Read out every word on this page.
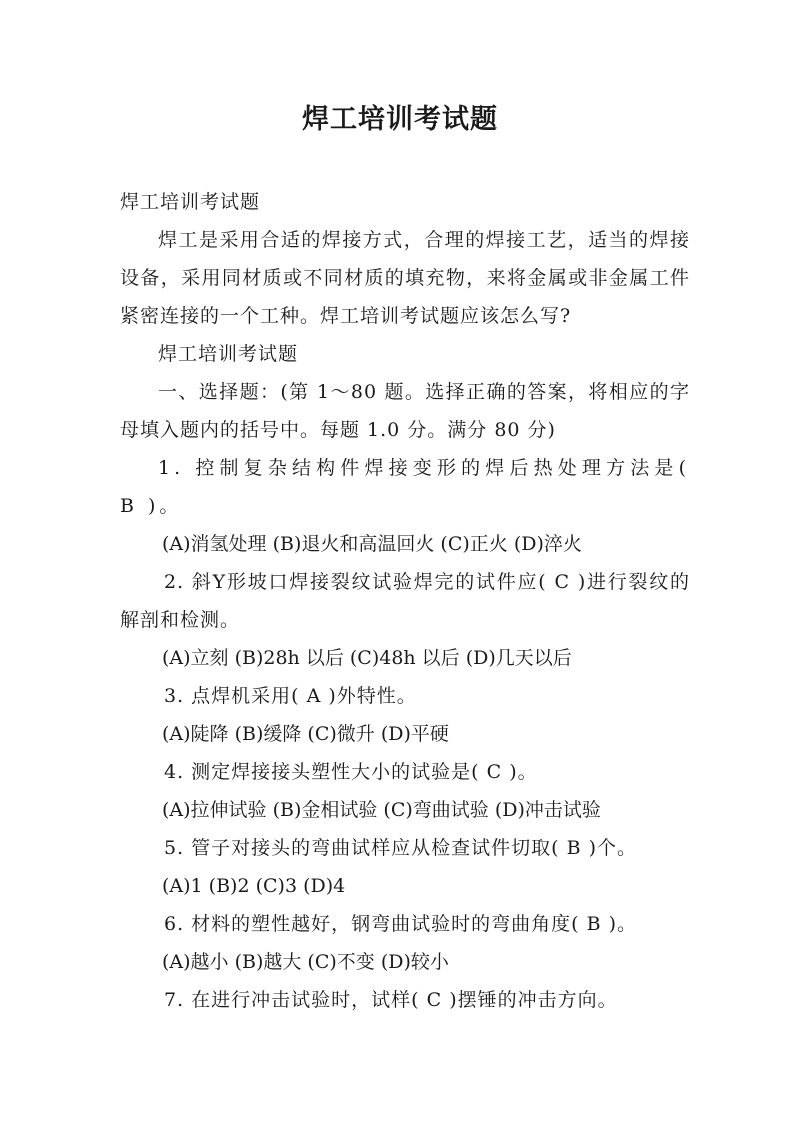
焊工培训考试题

焊工培训考试题

焊工是采用合适的焊接方式，合理的焊接工艺，适当的焊接设备，采用同材质或不同材质的填充物，来将金属或非金属工件紧密连接的一个工种。焊工培训考试题应该怎么写?

焊工培训考试题

一、选择题：(第 1～80 题。选择正确的答案，将相应的字母填入题内的括号中。每题 1.0 分。满分 80 分)

1. 控制复杂结构件焊接变形的焊后热处理方法是( B )。

(A)消氢处理 (B)退火和高温回火 (C)正火 (D)淬火

2. 斜Y形坡口焊接裂纹试验焊完的试件应( C )进行裂纹的解剖和检测。

(A)立刻 (B)28h 以后 (C)48h 以后 (D)几天以后

3. 点焊机采用( A )外特性。

(A)陡降 (B)缓降 (C)微升 (D)平硬

4. 测定焊接接头塑性大小的试验是( C )。

(A)拉伸试验 (B)金相试验 (C)弯曲试验 (D)冲击试验

5. 管子对接头的弯曲试样应从检查试件切取( B )个。

(A)1 (B)2 (C)3 (D)4

6. 材料的塑性越好，钢弯曲试验时的弯曲角度( B )。

(A)越小 (B)越大 (C)不变 (D)较小

7. 在进行冲击试验时，试样( C )摆锤的冲击方向。
